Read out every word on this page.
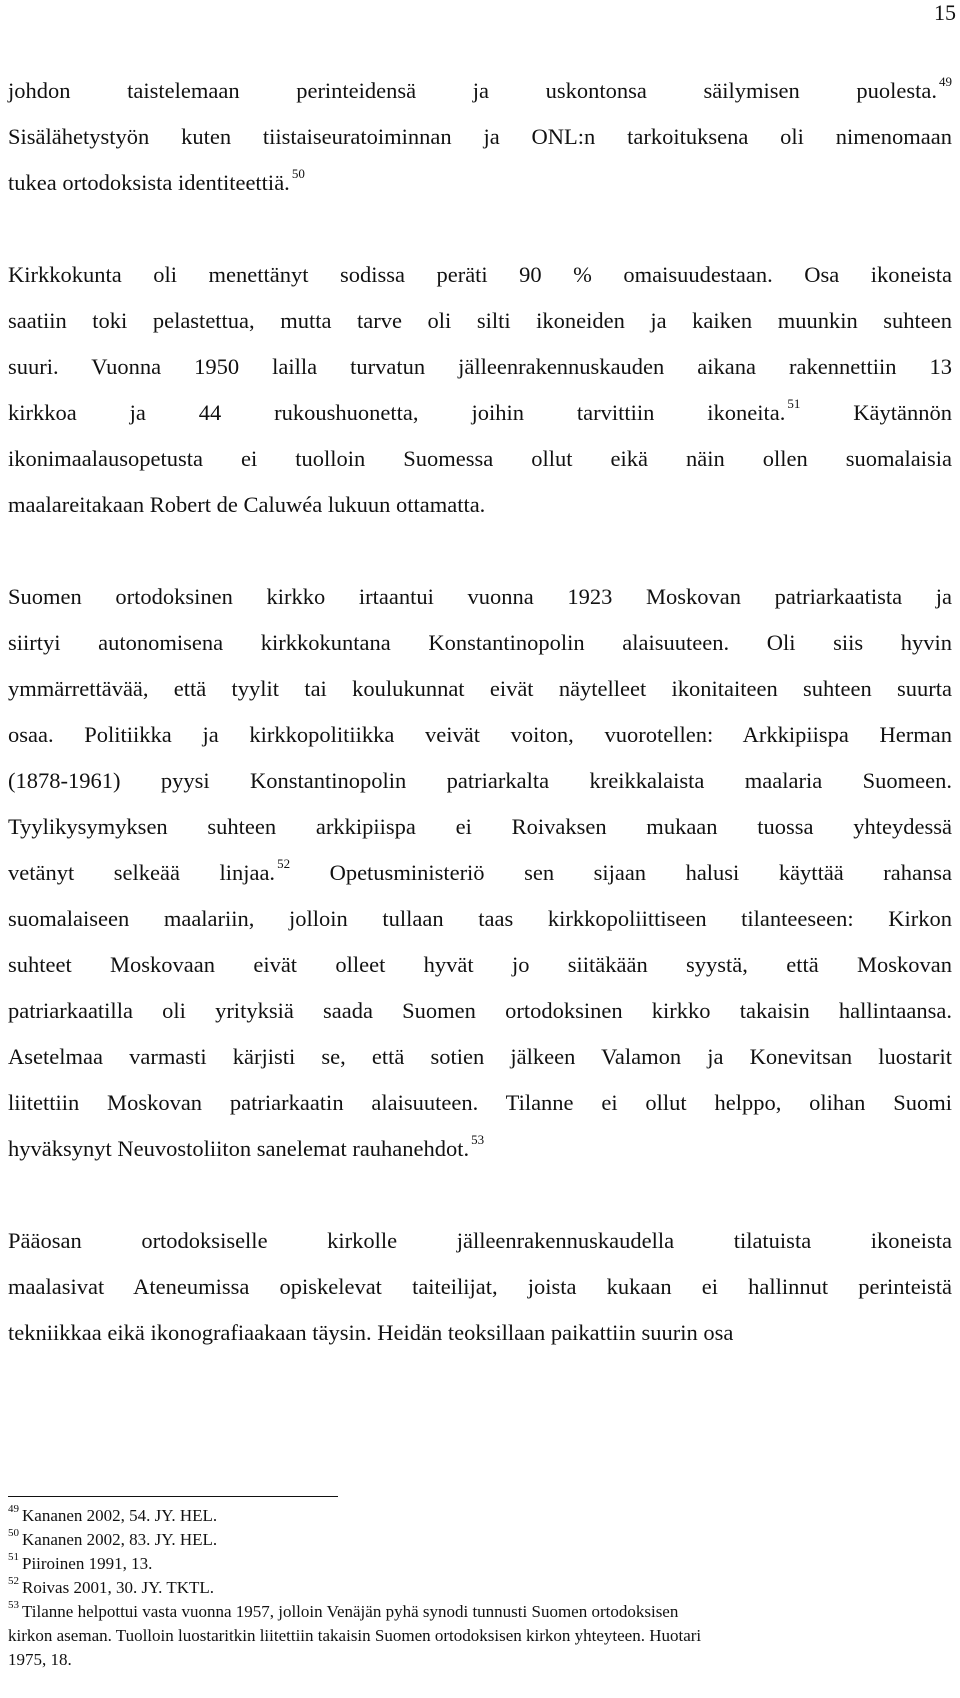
15
johdon taistelemaan perinteidensä ja uskontonsa säilymisen puolesta. $^{49}$
Sisälähetystyön kuten tiistaiseuratoiminnan ja ONL:n tarkoituksena oli nimenomaan
tukea ortodoksista identiteettiä. $^{50}$
Kirkkokunta oli menettänyt sodissa peräti 90 % omaisuudestaan. Osa ikoneista
saatiin toki pelastettua, mutta tarve oli silti ikoneiden ja kaiken muunkin suhteen
suuri. Vuonna 1950 lailla turvatun jälleenrakennuskauden aikana rakennettiin 13
kirkkoa ja 44 rukoushuonetta, joihin tarvittiin ikoneita. $^{51}$ Käytännön
ikonimaalausopetusta ei tuolloin Suomessa ollut eikä näin ollen suomalaisia
maalareitakaan Robert de Caluwéa lukuun ottamatta.
Suomen ortodoksinen kirkko irtaantui vuonna 1923 Moskovan patriarkaatista ja
siirtyi autonomisena kirkkokuntana Konstantinopolin alaisuuteen. Oli siis hyvin
ymmärrettävää, että tyylit tai koulukunnat eivät näytelleet ikonitaiteen suhteen suurta
osaa. Politiikka ja kirkkopolitiikka veivät voiton, vuorotellen: Arkkipiispa Herman
(1878-1961) pyysi Konstantinopolin patriarkalta kreikkalaista maalaria Suomeen.
Tyylikysymyksen suhteen arkkipiispa ei Roivaksen mukaan tuossa yhteydessä
vetänyt selkeää linjaa. $^{52}$ Opetusministeriö sen sijaan halusi käyttää rahansa
suomalaiseen maalariin, jolloin tullaan taas kirkkopoliittiseen tilanteeseen: Kirkon
suhteet Moskovaan eivät olleet hyvät jo siitäkään syystä, että Moskovan
patriarkaatilla oli yrityksiä saada Suomen ortodoksinen kirkko takaisin hallintaansa.
Asetelmaa varmasti kärjisti se, että sotien jälkeen Valamon ja Konevitsan luostarit
liitettiin Moskovan patriarkaatin alaisuuteen. Tilanne ei ollut helppo, olihan Suomi
hyväksynyt Neuvostoliiton sanelemat rauhanehdot. $^{53}$
Pääosan ortodoksiselle kirkolle jälleenrakennuskaudella tilatuista ikoneista
maalasivat Ateneumissa opiskelevat taiteilijat, joista kukaan ei hallinnut perinteistä
tekniikkaa eikä ikonografiaakaan täysin. Heidän teoksillaan paikattiin suurin osa
$^{49}$ Kananen 2002, 54. JY. HEL.
$^{50}$ Kananen 2002, 83. JY. HEL.
$^{51}$ Piiroinen 1991, 13.
$^{52}$ Roivas 2001, 30. JY. TKTL.
$^{53}$ Tilanne helpottui vasta vuonna 1957, jolloin Venäjän pyhä synodi tunnusti Suomen ortodoksisen
kirkon aseman. Tuolloin luostaritkin liitettiin takaisin Suomen ortodoksisen kirkon yhteyteen. Huotari
1975, 18.
